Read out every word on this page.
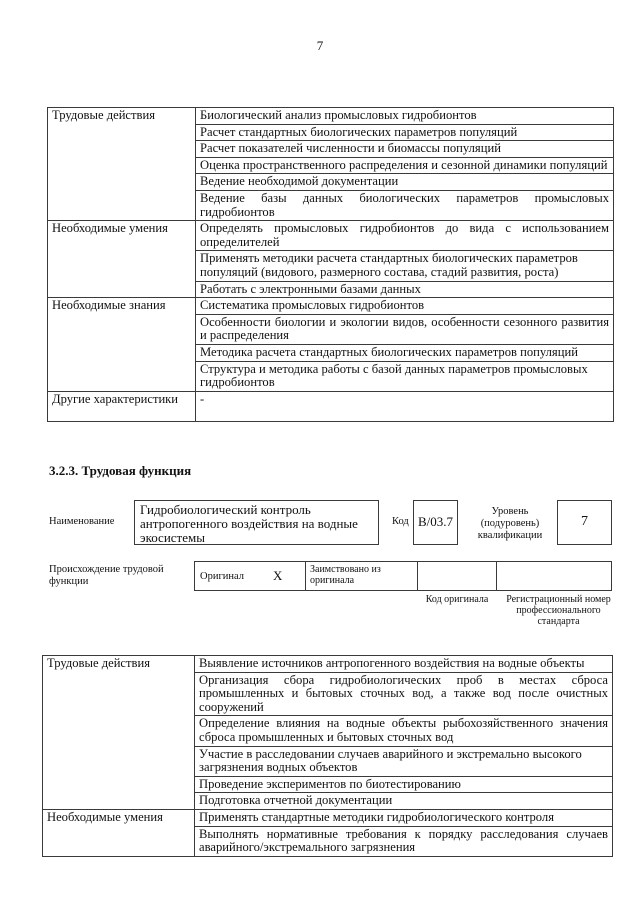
7
Трудовые действия	Биологический анализ промысловых гидробионтов
	Расчет стандартных биологических параметров популяций
	Расчет показателей численности и биомассы популяций
	Оценка пространственного распределения и сезонной динамики популяций
	Ведение необходимой документации
	Ведение базы данных биологических параметров промысловых гидробионтов
Необходимые умения	Определять промысловых гидробионтов до вида с использованием определителей
	Применять методики расчета стандартных биологических параметров популяций (видового, размерного состава, стадий развития, роста)
	Работать с электронными базами данных
Необходимые знания	Систематика промысловых гидробионтов
	Особенности биологии и экологии видов, особенности сезонного развития и распределения
	Методика расчета стандартных биологических параметров популяций
	Структура и методика работы с базой данных параметров промысловых гидробионтов
Другие характеристики	-
3.2.3. Трудовая функция
Наименование
Гидробиологический контроль антропогенного воздействия на водные экосистемы
Код В/03.7
Уровень (подуровень) квалификации
7
Происхождение трудовой функции	Оригинал X	Заимствовано из оригинала
Код оригинала	Регистрационный номер профессионального стандарта
Трудовые действия	Выявление источников антропогенного воздействия на водные объекты
	Организация сбора гидробиологических проб в местах сброса промышленных и бытовых сточных вод, а также вод после очистных сооружений
	Определение влияния на водные объекты рыбохозяйственного значения сброса промышленных и бытовых сточных вод
	Участие в расследовании случаев аварийного и экстремально высокого загрязнения водных объектов
	Проведение экспериментов по биотестированию
	Подготовка отчетной документации
Необходимые умения	Применять стандартные методики гидробиологического контроля
	Выполнять нормативные требования к порядку расследования случаев аварийного/экстремального загрязнения
